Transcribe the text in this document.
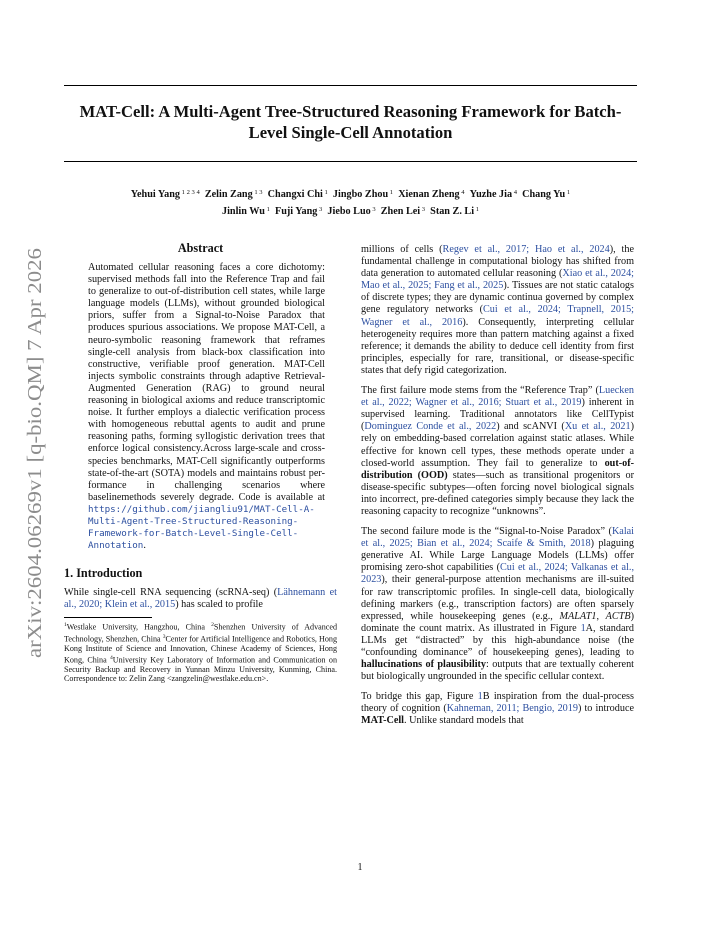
MAT-Cell: A Multi-Agent Tree-Structured Reasoning Framework for Batch-Level Single-Cell Annotation
Yehui Yang $^{1 2 3 4}$  Zelin Zang $^{1 3}$  Changxi Chi $^1$  Jingbo Zhou $^1$  Xienan Zheng $^4$  Yuzhe Jia $^4$  Chang Yu $^1$
Jinlin Wu $^1$  Fuji Yang $^3$  Jiebo Luo $^3$  Zhen Lei $^3$  Stan Z. Li $^1$
arXiv:2604.06269v1 [q-bio.QM] 7 Apr 2026
Abstract

Automated cellular reasoning faces a core dichotomy: supervised methods fall into the Reference Trap and fail to generalize to out-of-distribution cell states, while large language models (LLMs), without grounded biological priors, suffer from a Signal-to-Noise Paradox that produces spurious associations. We propose MAT-Cell, a neuro-symbolic reasoning framework that reframes single-cell analysis from black-box classification into constructive, verifiable proof generation. MAT-Cell injects symbolic constraints through adaptive Retrieval-Augmented Generation (RAG) to ground neural reasoning in biological axioms and reduce transcriptomic noise. It further employs a dialectic verification process with homogeneous rebuttal agents to audit and prune reasoning paths, forming syllogistic derivation trees that enforce logical consistency.Across large-scale and cross-species benchmarks, MAT-Cell significantly outperforms state-of-the-art (SOTA) models and maintains robust per-formance in challenging scenarios where baselinemethods severely degrade. Code is available at https://github.com/jiangliu91/MAT-Cell-A-Multi-Agent-Tree-Structured-Reasoning-Framework-for-Batch-Level-Single-Cell-Annotation.

1. Introduction

While single-cell RNA sequencing (scRNA-seq) (Lähnemann et al., 2020; Klein et al., 2015) has scaled to profile

$^1$Westlake University, Hangzhou, China $^2$Shenzhen University of Advanced Technology, Shenzhen, China $^3$Center for Artificial Intelligence and Robotics, Hong Kong Institute of Science and Innovation, Chinese Academy of Sciences, Hong Kong, China $^4$University Key Laboratory of Information and Communication on Security Backup and Recovery in Yunnan Minzu University, Kunming, China. Correspondence to: Zelin Zang <zangzelin@westlake.edu.cn>.

millions of cells (Regev et al., 2017; Hao et al., 2024), the fundamental challenge in computational biology has shifted from data generation to automated cellular reasoning (Xiao et al., 2024; Mao et al., 2025; Fang et al., 2025). Tissues are not static catalogs of discrete types; they are dynamic continua governed by complex gene regulatory networks (Cui et al., 2024; Trapnell, 2015; Wagner et al., 2016). Consequently, interpreting cellular heterogeneity requires more than pattern matching against a fixed reference; it demands the ability to deduce cell identity from first principles, especially for rare, transitional, or disease-specific states that defy rigid categorization.

The first failure mode stems from the “Reference Trap” (Luecken et al., 2022; Wagner et al., 2016; Stuart et al., 2019) inherent in supervised learning. Traditional annotators like CellTypist (Dominguez Conde et al., 2022) and scANVI (Xu et al., 2021) rely on embedding-based correlation against static atlases. While effective for known cell types, these methods operate under a closed-world assumption. They fail to generalize to out-of-distribution (OOD) states—such as transitional progenitors or disease-specific subtypes—often forcing novel biological signals into incorrect, pre-defined categories simply because they lack the reasoning capacity to recognize “unknowns”.

The second failure mode is the “Signal-to-Noise Paradox” (Kalai et al., 2025; Bian et al., 2024; Scaife & Smith, 2018) plaguing generative AI. While Large Language Models (LLMs) offer promising zero-shot capabilities (Cui et al., 2024; Valkanas et al., 2023), their general-purpose attention mechanisms are ill-suited for raw transcriptomic profiles. In single-cell data, biologically defining markers (e.g., transcription factors) are often sparsely expressed, while housekeeping genes (e.g., MALAT1, ACTB) dominate the count matrix. As illustrated in Figure 1A, standard LLMs get “distracted” by this high-abundance noise (the “confounding dominance” of housekeeping genes), leading to hallucinations of plausibility: outputs that are textually coherent but biologically ungrounded in the specific cellular context.

To bridge this gap, Figure 1B inspiration from the dual-process theory of cognition (Kahneman, 2011; Bengio, 2019) to introduce MAT-Cell. Unlike standard models that

1
